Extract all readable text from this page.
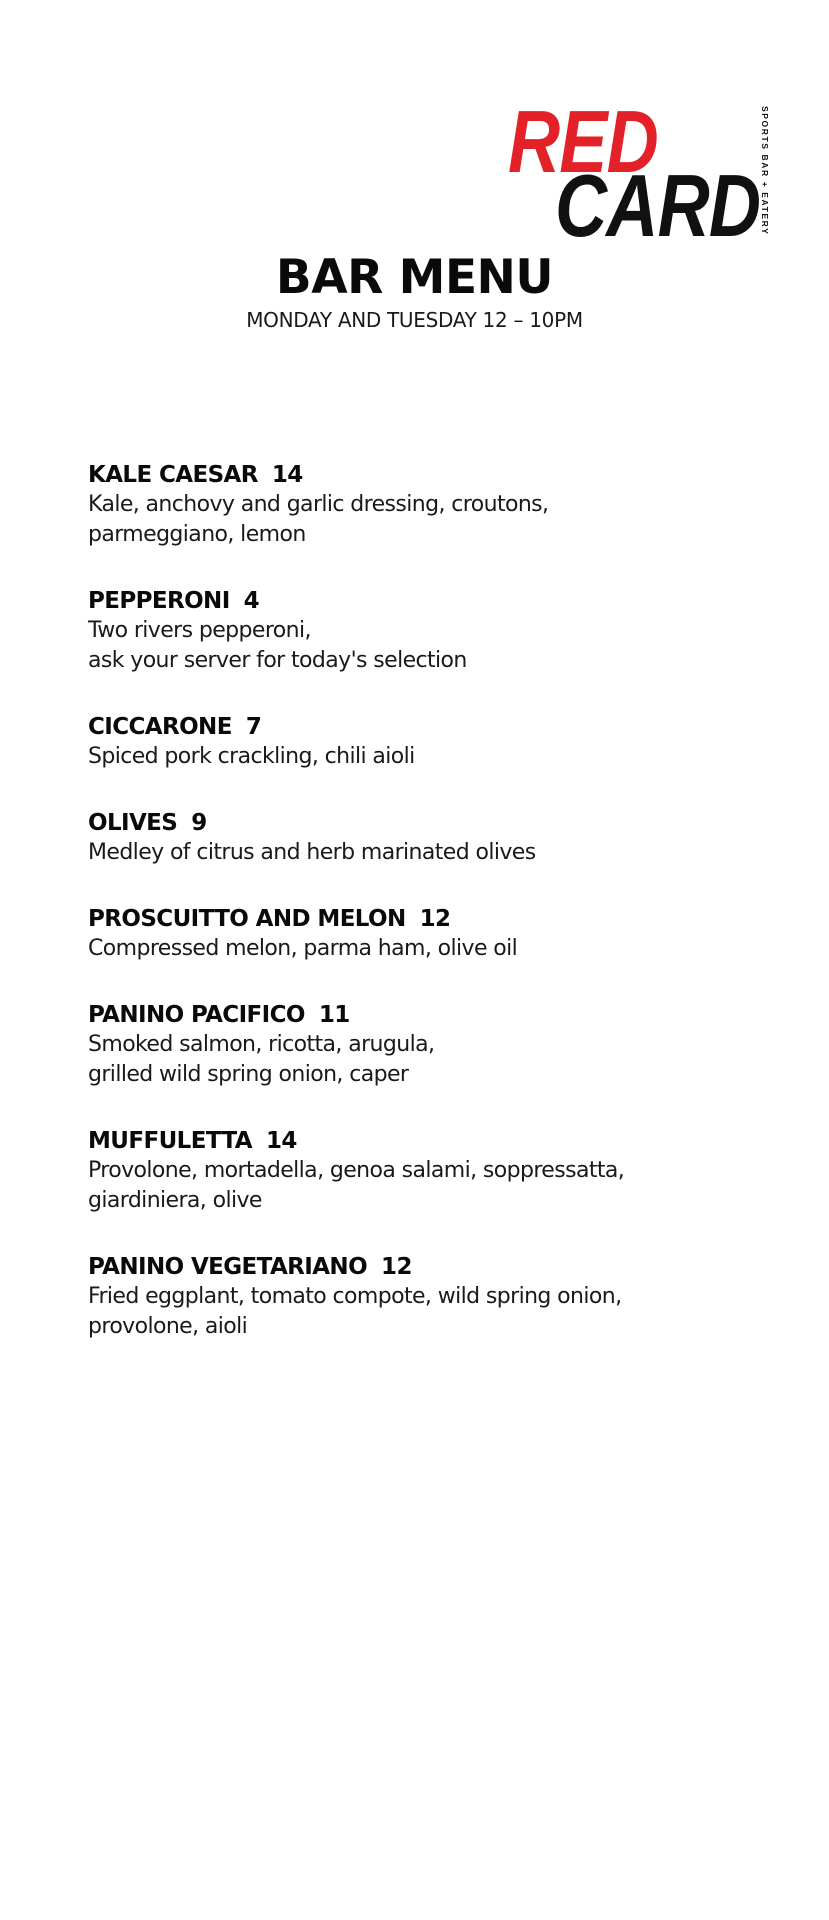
RED
CARD SPORTS BAR + EATERY
BAR MENU
MONDAY AND TUESDAY 12 – 10PM
KALE CAESAR 14
Kale, anchovy and garlic dressing, croutons,
parmeggiano, lemon
PEPPERONI 4
Two rivers pepperoni,
ask your server for today's selection
CICCARONE 7
Spiced pork crackling, chili aioli
OLIVES 9
Medley of citrus and herb marinated olives
PROSCUITTO AND MELON 12
Compressed melon, parma ham, olive oil
PANINO PACIFICO 11
Smoked salmon, ricotta, arugula,
grilled wild spring onion, caper
MUFFULETTA 14
Provolone, mortadella, genoa salami, soppressatta,
giardiniera, olive
PANINO VEGETARIANO 12
Fried eggplant, tomato compote, wild spring onion,
provolone, aioli
